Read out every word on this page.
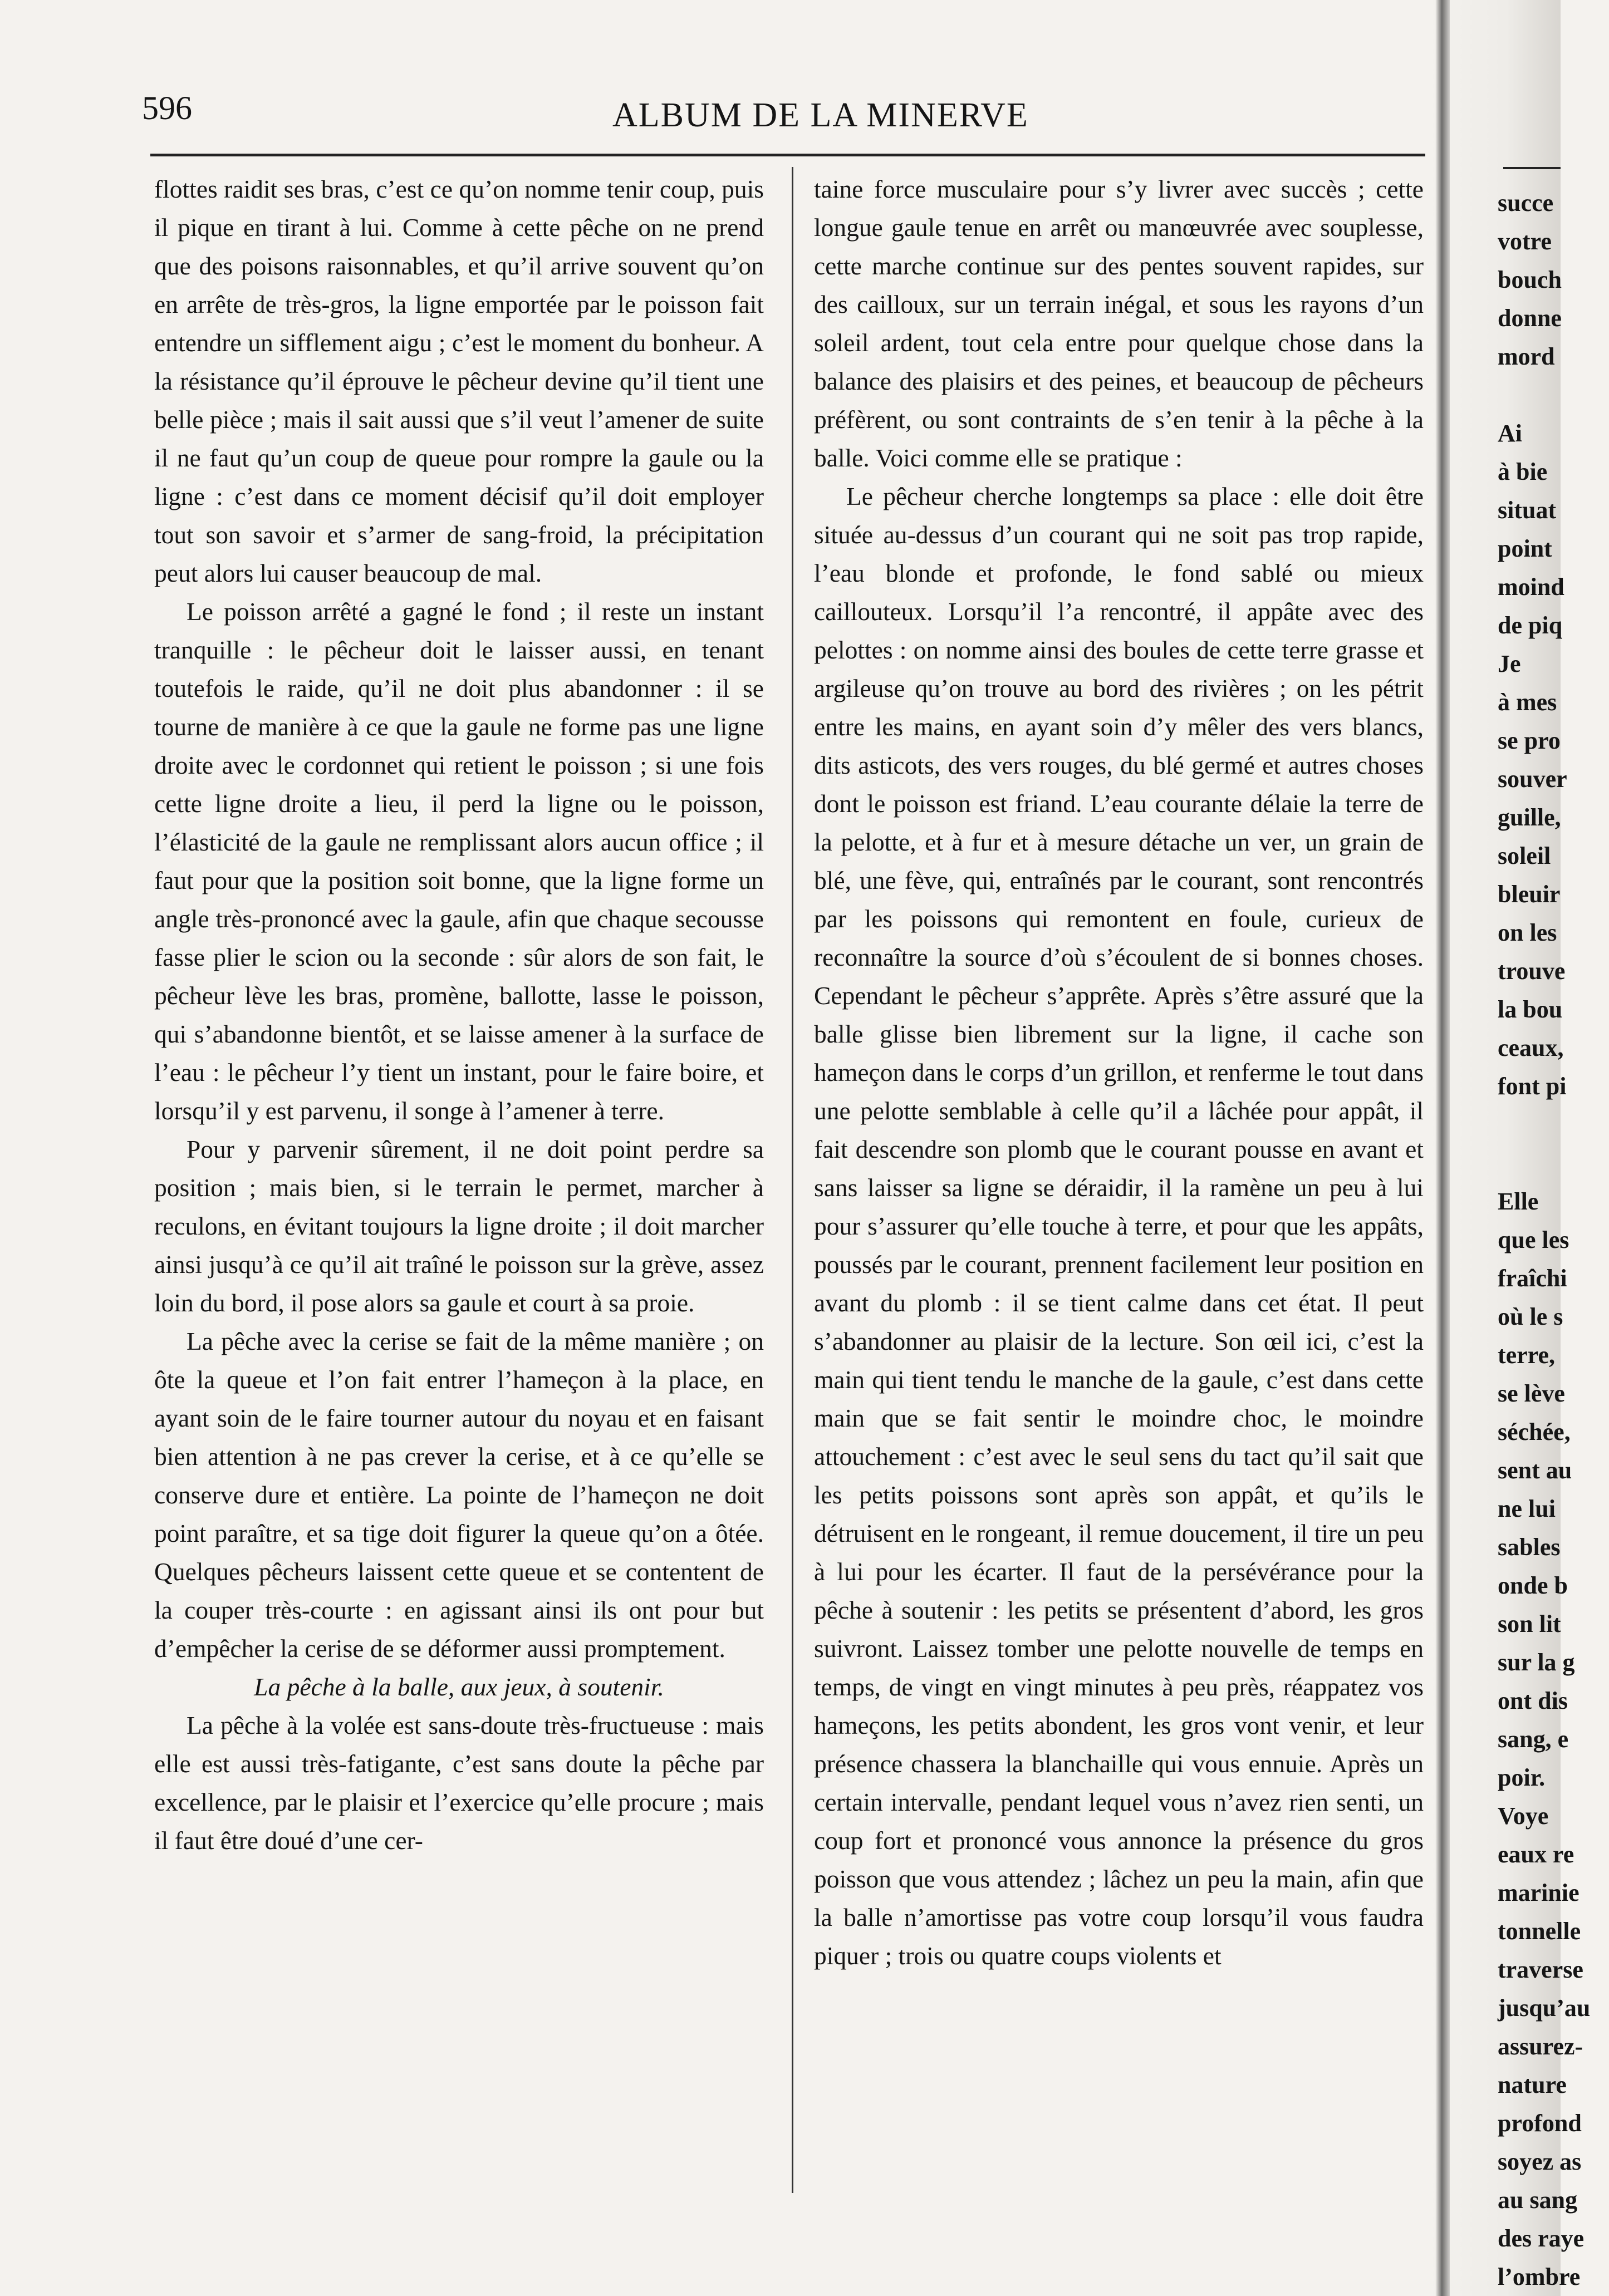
596	ALBUM DE LA MINERVE

flottes raidit ses bras, c’est ce qu’on nomme tenir coup, puis il pique en tirant à lui. Comme à cette pêche on ne prend que des poisons raisonnables, et qu’il arrive souvent qu’on en arrête de très-gros, la ligne emportée par le poisson fait entendre un sifflement aigu ; c’est le moment du bonheur. A la résistance qu’il éprouve le pêcheur devine qu’il tient une belle pièce ; mais il sait aussi que s’il veut l’amener de suite il ne faut qu’un coup de queue pour rompre la gaule ou la ligne : c’est dans ce moment décisif qu’il doit employer tout son savoir et s’armer de sang-froid, la précipitation peut alors lui causer beaucoup de mal.

Le poisson arrêté a gagné le fond ; il reste un instant tranquille : le pêcheur doit le laisser aussi, en tenant toutefois le raide, qu’il ne doit plus abandonner : il se tourne de manière à ce que la gaule ne forme pas une ligne droite avec le cordonnet qui retient le poisson ; si une fois cette ligne droite a lieu, il perd la ligne ou le poisson, l’élasticité de la gaule ne remplissant alors aucun office ; il faut pour que la position soit bonne, que la ligne forme un angle très-prononcé avec la gaule, afin que chaque secousse fasse plier le scion ou la seconde : sûr alors de son fait, le pêcheur lève les bras, promène, ballotte, lasse le poisson, qui s’abandonne bientôt, et se laisse amener à la surface de l’eau : le pêcheur l’y tient un instant, pour le faire boire, et lorsqu’il y est parvenu, il songe à l’amener à terre.

Pour y parvenir sûrement, il ne doit point perdre sa position ; mais bien, si le terrain le permet, marcher à reculons, en évitant toujours la ligne droite ; il doit marcher ainsi jusqu’à ce qu’il ait traîné le poisson sur la grève, assez loin du bord, il pose alors sa gaule et court à sa proie.

La pêche avec la cerise se fait de la même manière ; on ôte la queue et l’on fait entrer l’hameçon à la place, en ayant soin de le faire tourner autour du noyau et en faisant bien attention à ne pas crever la cerise, et à ce qu’elle se conserve dure et entière. La pointe de l’hameçon ne doit point paraître, et sa tige doit figurer la queue qu’on a ôtée. Quelques pêcheurs laissent cette queue et se contentent de la couper très-courte : en agissant ainsi ils ont pour but d’empêcher la cerise de se déformer aussi promptement.

La pêche à la balle, aux jeux, à soutenir.

La pêche à la volée est sans-doute très-fructueuse : mais elle est aussi très-fatigante, c’est sans doute la pêche par excellence, par le plaisir et l’exercice qu’elle procure ; mais il faut être doué d’une cer-

taine force musculaire pour s’y livrer avec succès ; cette longue gaule tenue en arrêt ou manœuvrée avec souplesse, cette marche continue sur des pentes souvent rapides, sur des cailloux, sur un terrain inégal, et sous les rayons d’un soleil ardent, tout cela entre pour quelque chose dans la balance des plaisirs et des peines, et beaucoup de pêcheurs préfèrent, ou sont contraints de s’en tenir à la pêche à la balle. Voici comme elle se pratique :

Le pêcheur cherche longtemps sa place : elle doit être située au-dessus d’un courant qui ne soit pas trop rapide, l’eau blonde et profonde, le fond sablé ou mieux caillouteux. Lorsqu’il l’a rencontré, il appâte avec des pelottes : on nomme ainsi des boules de cette terre grasse et argileuse qu’on trouve au bord des rivières ; on les pétrit entre les mains, en ayant soin d’y mêler des vers blancs, dits asticots, des vers rouges, du blé germé et autres choses dont le poisson est friand. L’eau courante délaie la terre de la pelotte, et à fur et à mesure détache un ver, un grain de blé, une fève, qui, entraînés par le courant, sont rencontrés par les poissons qui remontent en foule, curieux de reconnaître la source d’où s’écoulent de si bonnes choses. Cependant le pêcheur s’apprête. Après s’être assuré que la balle glisse bien librement sur la ligne, il cache son hameçon dans le corps d’un grillon, et renferme le tout dans une pelotte semblable à celle qu’il a lâchée pour appât, il fait descendre son plomb que le courant pousse en avant et sans laisser sa ligne se déraidir, il la ramène un peu à lui pour s’assurer qu’elle touche à terre, et pour que les appâts, poussés par le courant, prennent facilement leur position en avant du plomb : il se tient calme dans cet état. Il peut s’abandonner au plaisir de la lecture. Son œil ici, c’est la main qui tient tendu le manche de la gaule, c’est dans cette main que se fait sentir le moindre choc, le moindre attouchement : c’est avec le seul sens du tact qu’il sait que les petits poissons sont après son appât, et qu’ils le détruisent en le rongeant, il remue doucement, il tire un peu à lui pour les écarter. Il faut de la persévérance pour la pêche à soutenir : les petits se présentent d’abord, les gros suivront. Laissez tomber une pelotte nouvelle de temps en temps, de vingt en vingt minutes à peu près, réappatez vos hameçons, les petits abondent, les gros vont venir, et leur présence chassera la blanchaille qui vous ennuie. Après un certain intervalle, pendant lequel vous n’avez rien senti, un coup fort et prononcé vous annonce la présence du gros poisson que vous attendez ; lâchez un peu la main, afin que la balle n’amortisse pas votre coup lorsqu’il vous faudra piquer ; trois ou quatre coups violents et

succe
votre
bouch
donne
mord
Ai
à bie
situat
point
moind
de piq
Je
à mes
se pro
souver
guille,
soleil
bleuir
on les
trouve
la bou
ceaux,
font pi
Elle
que les
fraîchi
où le s
terre,
se lève
séchée,
sent au
ne lui
sables
onde b
son lit
sur la g
ont dis
sang, e
poir.
Voye
eaux re
marinie
tonnelle
traverse
jusqu’au
assurez-
nature
profond
soyez as
au sang
des raye
l’ombre
